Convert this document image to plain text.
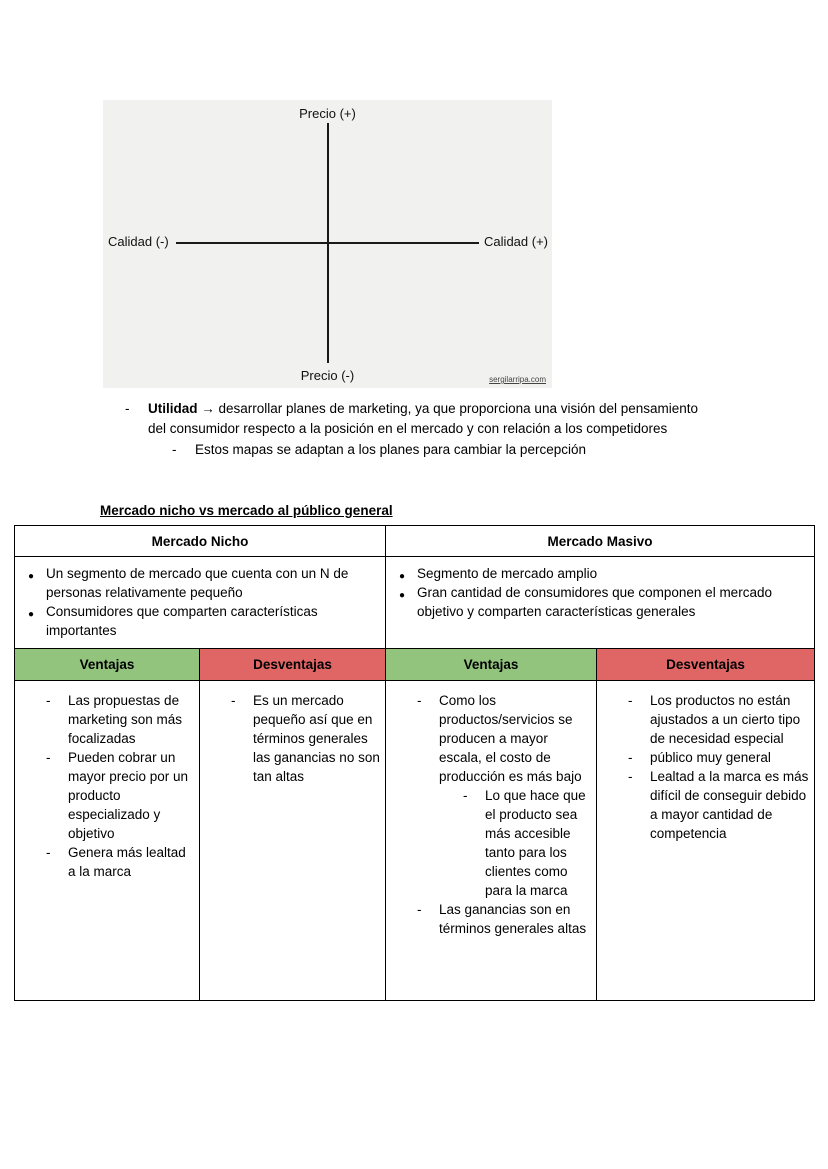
Precio (+)
Precio (-)
Calidad (-)	Calidad (+)
sergilarripa.com
-	Utilidad → desarrollar planes de marketing, ya que proporciona una visión del pensamiento del consumidor respecto a la posición en el mercado y con relación a los competidores
-	Estos mapas se adaptan a los planes para cambiar la percepción
Mercado nicho vs mercado al público general
Mercado Nicho		Mercado Masivo	

● Un segmento de mercado que cuenta con un N de personas relativamente pequeño
● Consumidores que comparten características importantes

● Segmento de mercado amplio
● Gran cantidad de consumidores que componen el mercado objetivo y comparten características generales

Ventajas	Desventajas	Ventajas	Desventajas

- Las propuestas de marketing son más focalizadas
- Pueden cobrar un mayor precio por un producto especializado y objetivo
- Genera más lealtad a la marca

- Es un mercado pequeño así que en términos generales las ganancias no son tan altas

- Como los productos/servicios se producen a mayor escala, el costo de producción es más bajo
- Lo que hace que el producto sea más accesible tanto para los clientes como para la marca
- Las ganancias son en términos generales altas

- Los productos no están ajustados a un cierto tipo de necesidad especial
- público muy general
- Lealtad a la marca es más difícil de conseguir debido a mayor cantidad de competencia
